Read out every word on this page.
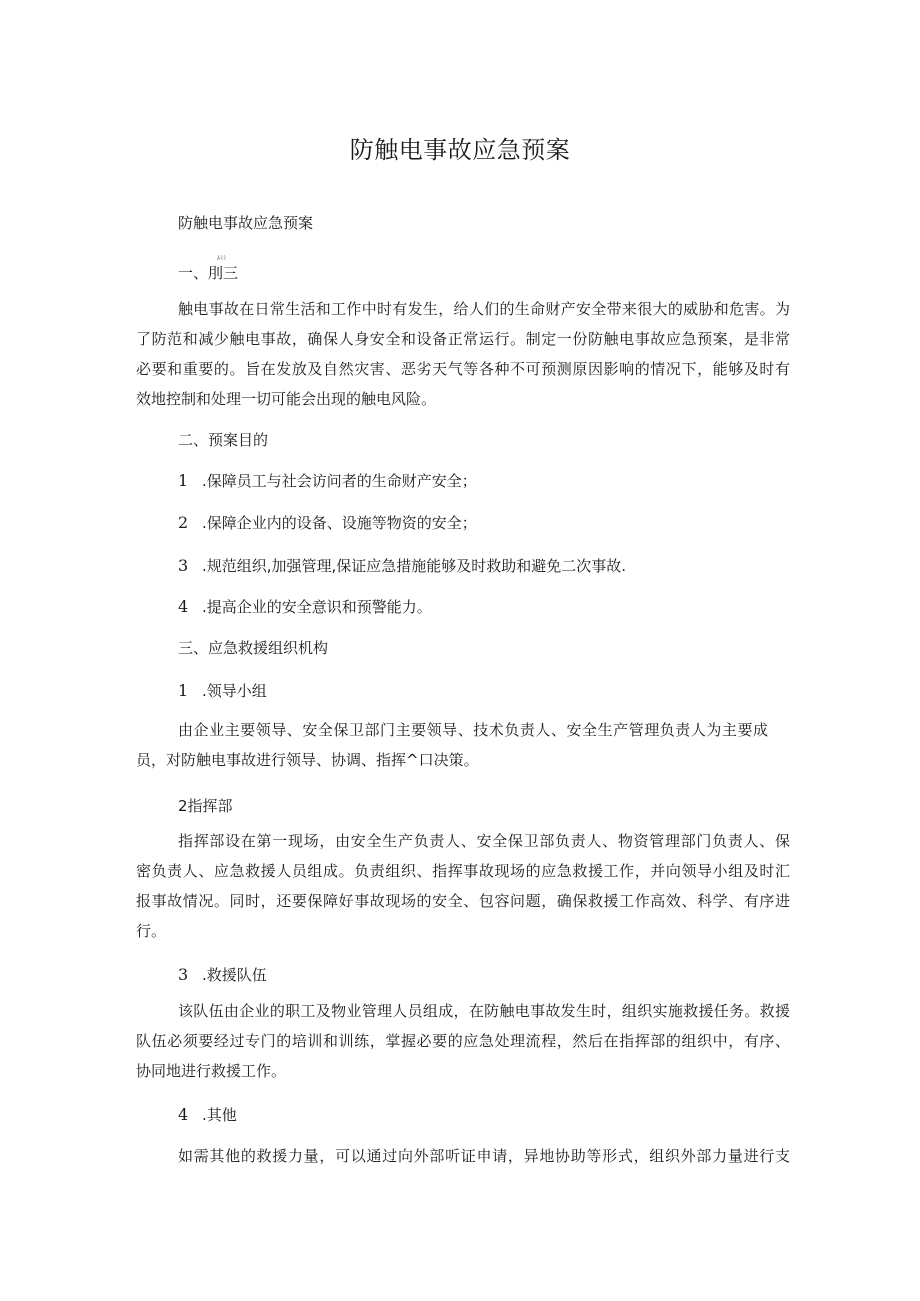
防触电事故应急预案
防触电事故应急预案
ﾑﾐﾐ
一、刖三
触电事故在日常生活和工作中时有发生，给人们的生命财产安全带来很大的威胁和危害。为
了防范和减少触电事故，确保人身安全和设备正常运行。制定一份防触电事故应急预案，是非常
必要和重要的。旨在发放及自然灾害、恶劣天气等各种不可预测原因影响的情况下，能够及时有
效地控制和处理一切可能会出现的触电风险。
二、预案目的
1 .保障员工与社会访问者的生命财产安全；
2 .保障企业内的设备、设施等物资的安全；
3 .规范组织,加强管理,保证应急措施能够及时救助和避免二次事故.
4 .提高企业的安全意识和预警能力。
三、应急救援组织机构
1 .领导小组
由企业主要领导、安全保卫部门主要领导、技术负责人、安全生产管理负责人为主要成
员，对防触电事故进行领导、协调、指挥^口决策。
2指挥部
指挥部设在第一现场，由安全生产负责人、安全保卫部负责人、物资管理部门负责人、保
密负责人、应急救援人员组成。负责组织、指挥事故现场的应急救援工作，并向领导小组及时汇
报事故情况。同时，还要保障好事故现场的安全、包容问题，确保救援工作高效、科学、有序进
行。
3 .救援队伍
该队伍由企业的职工及物业管理人员组成，在防触电事故发生时，组织实施救援任务。救援
队伍必须要经过专门的培训和训练，掌握必要的应急处理流程，然后在指挥部的组织中，有序、
协同地进行救援工作。
4 .其他
如需其他的救援力量，可以通过向外部听证申请，异地协助等形式，组织外部力量进行支
